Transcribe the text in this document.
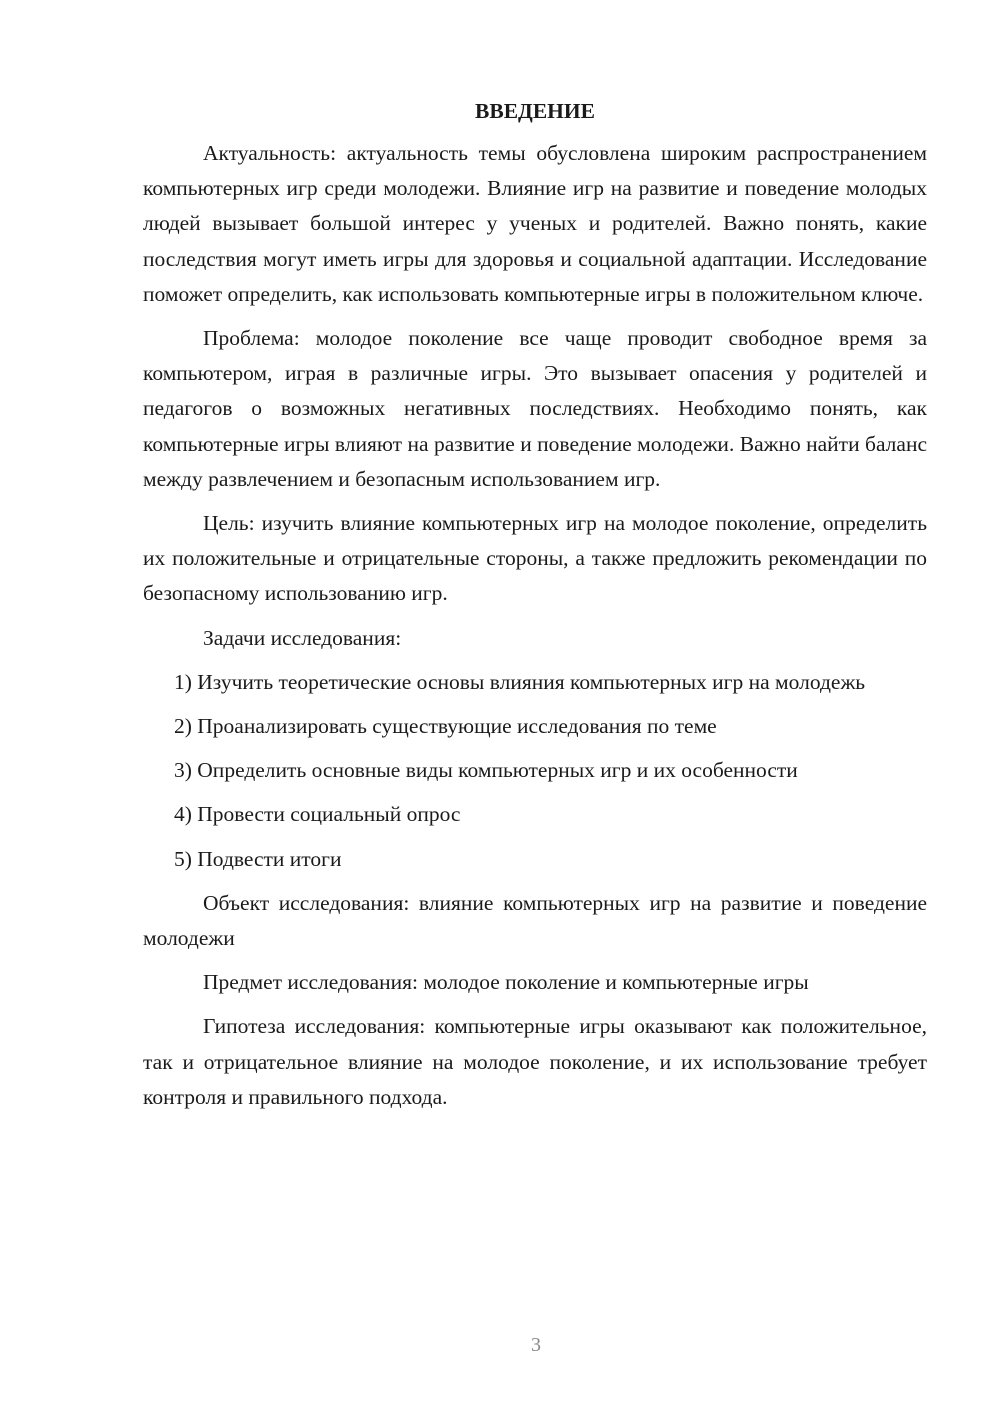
ВВЕДЕНИЕ

Актуальность: актуальность темы обусловлена широким распространением компьютерных игр среди молодежи. Влияние игр на развитие и поведение молодых людей вызывает большой интерес у ученых и родителей. Важно понять, какие последствия могут иметь игры для здоровья и социальной адаптации. Исследование поможет определить, как использовать компьютерные игры в положительном ключе.

Проблема: молодое поколение все чаще проводит свободное время за компьютером, играя в различные игры. Это вызывает опасения у родителей и педагогов о возможных негативных последствиях. Необходимо понять, как компьютерные игры влияют на развитие и поведение молодежи. Важно найти баланс между развлечением и безопасным использованием игр.

Цель: изучить влияние компьютерных игр на молодое поколение, определить их положительные и отрицательные стороны, а также предложить рекомендации по безопасному использованию игр.

Задачи исследования:

1) Изучить теоретические основы влияния компьютерных игр на молодежь

2) Проанализировать существующие исследования по теме

3) Определить основные виды компьютерных игр и их особенности

4) Провести социальный опрос

5) Подвести итоги

Объект исследования: влияние компьютерных игр на развитие и поведение молодежи

Предмет исследования: молодое поколение и компьютерные игры

Гипотеза исследования: компьютерные игры оказывают как положительное, так и отрицательное влияние на молодое поколение, и их использование требует контроля и правильного подхода.

3
